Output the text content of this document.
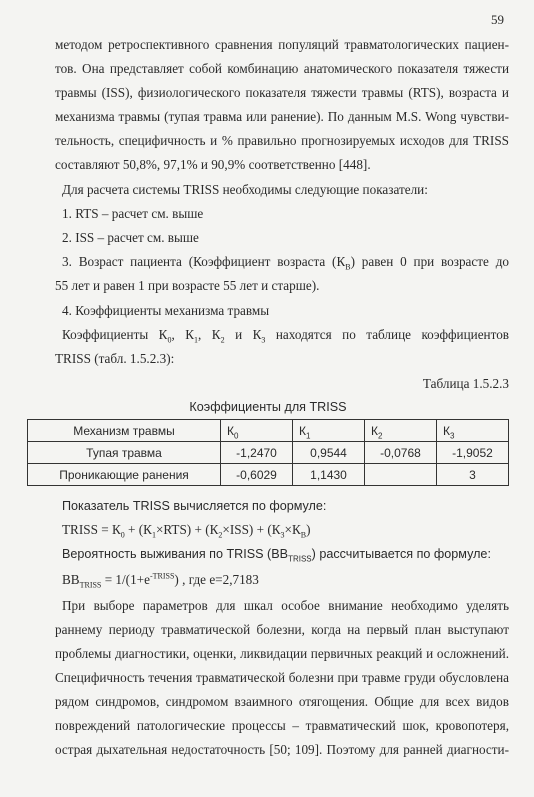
59
методом ретроспективного сравнения популяций травматологических пациен-
тов. Она представляет собой комбинацию анатомического показателя тяжести
травмы (ISS), физиологического показателя тяжести травмы (RTS), возраста и
механизма травмы (тупая травма или ранение). По данным M.S. Wong чувстви-
тельность, специфичность и % правильно прогнозируемых исходов для TRISS
составляют 50,8%, 97,1% и 90,9% соответственно [448].
Для расчета системы TRISS необходимы следующие показатели:
1. RTS – расчет см. выше
2. ISS – расчет см. выше
3. Возраст пациента (Коэффициент возраста $(К_В)$ равен 0 при возрасте до
55 лет и равен 1 при возрасте 55 лет и старше).
4. Коэффициенты механизма травмы
Коэффициенты $К_0$, $К_1$, $К_2$ и $К_3$ находятся по таблице коэффициентов
TRISS (табл. 1.5.2.3):
Таблица 1.5.2.3
Коэффициенты для TRISS
Механизм травмы	$К_0$	$К_1$	$К_2$	$К_3$
Тупая травма	-1,2470	0,9544	-0,0768	-1,9052
Проникающие ранения	-0,6029	1,1430		3
Показатель TRISS вычисляется по формуле:
TRISS = $К_0 + (К_1\times RTS) + (К_2\times ISS) + (К_3\times К_В)$
Вероятность выживания по TRISS $(ВВ_{TRISS})$ рассчитывается по формуле:
$BB_{TRISS} = 1/(1+e^{-TRISS})$ , где е=2,7183
При выборе параметров для шкал особое внимание необходимо уделять
раннему периоду травматической болезни, когда на первый план выступают
проблемы диагностики, оценки, ликвидации первичных реакций и осложнений.
Специфичность течения травматической болезни при травме груди обусловлена
рядом синдромов, синдромом взаимного отягощения. Общие для всех видов
повреждений патологические процессы – травматический шок, кровопотеря,
острая дыхательная недостаточность [50; 109]. Поэтому для ранней диагности-
